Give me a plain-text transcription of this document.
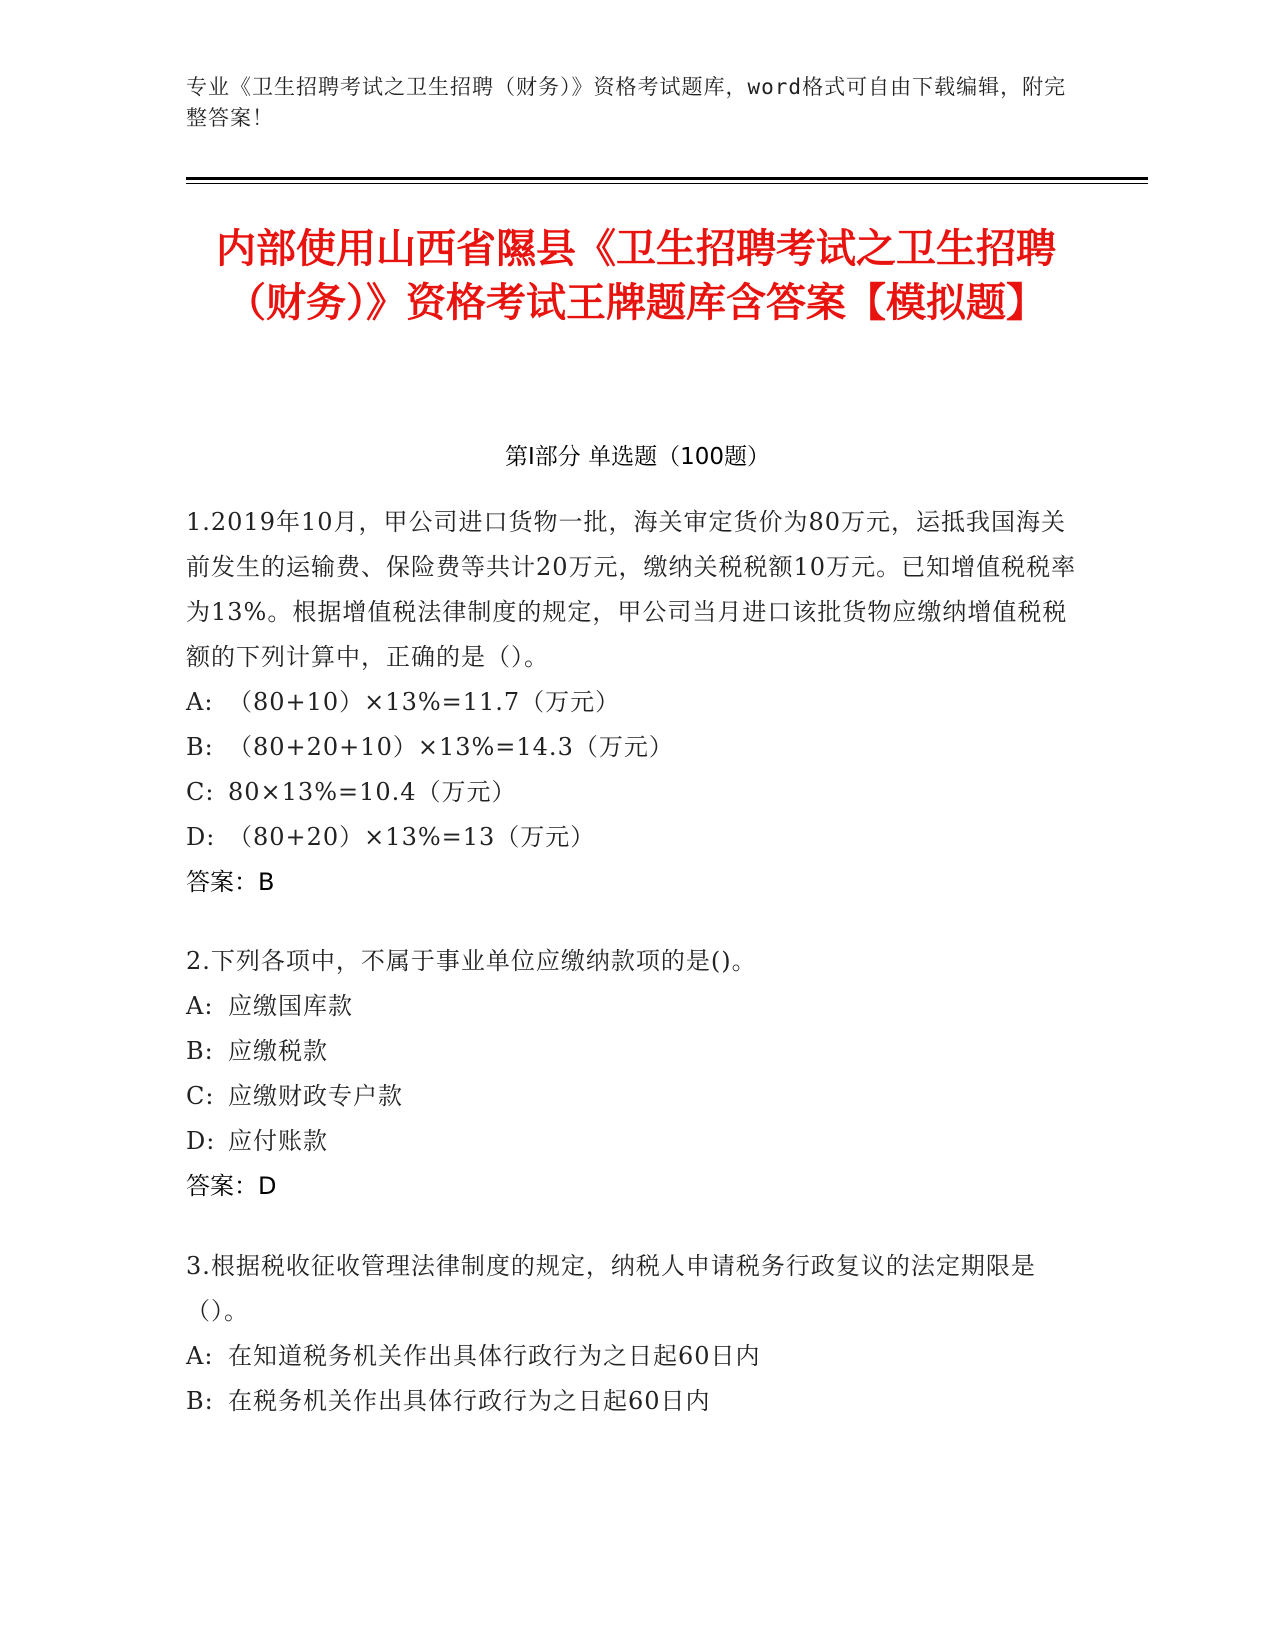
专业《卫生招聘考试之卫生招聘（财务）》资格考试题库，word格式可自由下载编辑，附完整答案！
内部使用山西省隰县《卫生招聘考试之卫生招聘（财务）》资格考试王牌题库含答案【模拟题】
第Ⅰ部分 单选题（100题）
1.2019年10月，甲公司进口货物一批，海关审定货价为80万元，运抵我国海关前发生的运输费、保险费等共计20万元，缴纳关税税额10万元。已知增值税税率为13%。根据增值税法律制度的规定，甲公司当月进口该批货物应缴纳增值税税额的下列计算中，正确的是（）。
A: （80+10）×13%=11.7（万元）
B: （80+20+10）×13%=14.3（万元）
C: 80×13%=10.4（万元）
D: （80+20）×13%=13（万元）
答案：B
2.下列各项中，不属于事业单位应缴纳款项的是()。
A: 应缴国库款
B: 应缴税款
C: 应缴财政专户款
D: 应付账款
答案：D
3.根据税收征收管理法律制度的规定，纳税人申请税务行政复议的法定期限是（）。
A: 在知道税务机关作出具体行政行为之日起60日内
B: 在税务机关作出具体行政行为之日起60日内
